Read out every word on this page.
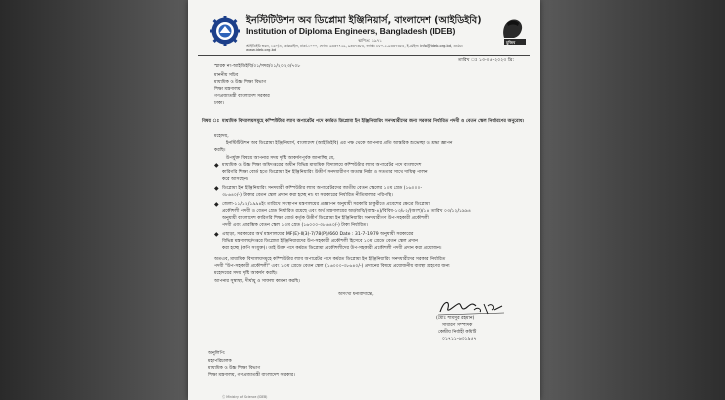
মুজিব
ইনস্টিটিউশন অব ডিপ্লোমা ইঞ্জিনিয়ার্স, বাংলাদেশ (আইডিইবি)
Institution of Diploma Engineers, Bangladesh (IDEB)
স্থাপিত: ১৯৭১
আইডিইবি ভবন, ১৬০/এ, কাকরাইল, ঢাকা-১০০০, ফোন: ৯৩৩৭৭২৯, ৯৩৩৭৩৮৪, ফ্যাক্স: ৮৮০-২-৯৩৩৭৩৮৪, ই-মেইল: info@ideb.org.bd, ওয়েব: www.ideb.org.bd
তারিখ ঃ ১৩-০৫-২০২৩ খ্রি:
স্মারক নং-আইডিইবি/০১/সদর/০১/২০২৩/৭০৮
মাননীয় সচিব
মাধ্যমিক ও উচ্চ শিক্ষা বিভাগ
শিক্ষা মন্ত্রণালয়
গণপ্রজাতন্ত্রী বাংলাদেশ সরকার
ঢাকা।
বিষয় ঃ মাধ্যমিক বিদ্যালয়সমূহে কম্পিউটার ল্যাব অপারেটর পদে কর্মরত ডিপ্লোমা ইন ইঞ্জিনিয়ারিং সনদধারীদের জন্য সরকার নির্ধারিত পদবী ও বেতন স্কেল নির্ধারণের অনুরোধ।
মহোদয়,
ইনস্টিটিউশন অব ডিপ্লোমা ইঞ্জিনিয়ার্স, বাংলাদেশ (আইডিইবি) এর পক্ষ থেকে আপনার প্রতি আন্তরিক শুভেচ্ছা ও শ্রদ্ধা জ্ঞাপন
করছি।
উপর্যুক্ত বিষয়ে আপনার সদয় দৃষ্টি আকর্ষণপূর্বক জানাচ্ছি যে,
◆ মাধ্যমিক ও উচ্চ শিক্ষা অধিদপ্তরের অধীন বিভিন্ন মাধ্যমিক বিদ্যালয়ে কম্পিউটার ল্যাব অপারেটর পদে বাংলাদেশ
কারিগরি শিক্ষা বোর্ড হতে ডিপ্লোমা ইন ইঞ্জিনিয়ারিং উত্তীর্ণ সনদধারীগণ অত্যন্ত নিষ্ঠা ও সততার সাথে দায়িত্ব পালন
করে আসছেন।
◆ ডিপ্লোমা ইন ইঞ্জিনিয়ারিং সনদধারী কম্পিউটার ল্যাব অপারেটরদের জাতীয় বেতন স্কেলের ১০ম গ্রেড (১৬০০০-
৩৮৬৪০/-) টাকার বেতন স্কেল প্রদান করা হচ্ছে না। যা সরকারের নির্ধারিত নীতিমালার পরিপন্থি।
◆ জেলা-১১/১২/১৯৯৪ইং তারিখে সংস্থাপন মন্ত্রণালয়ের প্রজ্ঞাপন অনুযায়ী সরকারি চাকুরীতে প্রবেশের ক্ষেত্রে ডিপ্লোমা
প্রকৌশলী পদবী ও বেতন গ্রেড নির্ধারিত রয়েছে এবং অর্থ মন্ত্রণালয়ের অম/অবি/(বাস্ত-৪)/বিবিধ-১৩/৮২/(অংশ)/১৪ তারিখ ০৩/১২/১৯৯৪
অনুযায়ী বাংলাদেশ কারিগরি শিক্ষা বোর্ড কর্তৃক উত্তীর্ণ ডিপ্লোমা ইন ইঞ্জিনিয়ারিং সনদধারীগণ উপ-সহকারী প্রকৌশলী
পদবী এবং প্রারম্ভিক বেতন স্কেল ১০ম গ্রেড (১৬০০০-৩৮৬৪০/-) টাকা নির্ধারিত।
◆ এছাড়া, সরকারের অর্থ মন্ত্রণালয়ের MF(E)-Ⅱ(3)-7/78(P)/660 Date : 31-7-1979 অনুযায়ী সরকারের
বিভিন্ন মন্ত্রণালয়/দপ্তরে ডিপ্লোমা ইঞ্জিনিয়ারদের উপ-সহকারী প্রকৌশলী হিসেবে ১০ম গ্রেডে বেতন স্কেল প্রদান
করা হচ্ছে (কপি সংযুক্ত)। তাই উক্ত পদে কর্মরত ডিপ্লোমা প্রকৌশলীদের উপ-সহকারী প্রকৌশলী পদবী প্রদান করা প্রয়োজন।
অতএব, মাধ্যমিক বিদ্যালয়সমূহে কম্পিউটার ল্যাব অপারেটর পদে কর্মরত ডিপ্লোমা ইন ইঞ্জিনিয়ারিং সনদধারীদের সরকার নির্ধারিত
পদবী "উপ-সহকারী প্রকৌশলী" এবং ১০ম গ্রেডে বেতন স্কেল (১৬০০০-৩৮৬৪০/-) প্রদানের বিষয়ে প্রয়োজনীয় ব্যবস্থা গ্রহণের জন্য
মহোদয়ের সদয় দৃষ্টি আকর্ষণ করছি।
আপনার সুস্বাস্থ্য, দীর্ঘায়ু ও সাফল্য কামনা করছি।
অসংখ্য ধন্যবাদান্তে,
(মোঃ শামসুর রহমান)
সাধারণ সম্পাদক
কেন্দ্রীয় নির্বাহী কমিটি
০১৭১১-৬৩১৯৫৭
অনুলিপি:
মহাপরিচালক
মাধ্যমিক ও উচ্চ শিক্ষা বিভাগ
শিক্ষা মন্ত্রণালয়, গণপ্রজাতন্ত্রী বাংলাদেশ সরকার।
Ⓒ Ministry of Science (IDEB)
